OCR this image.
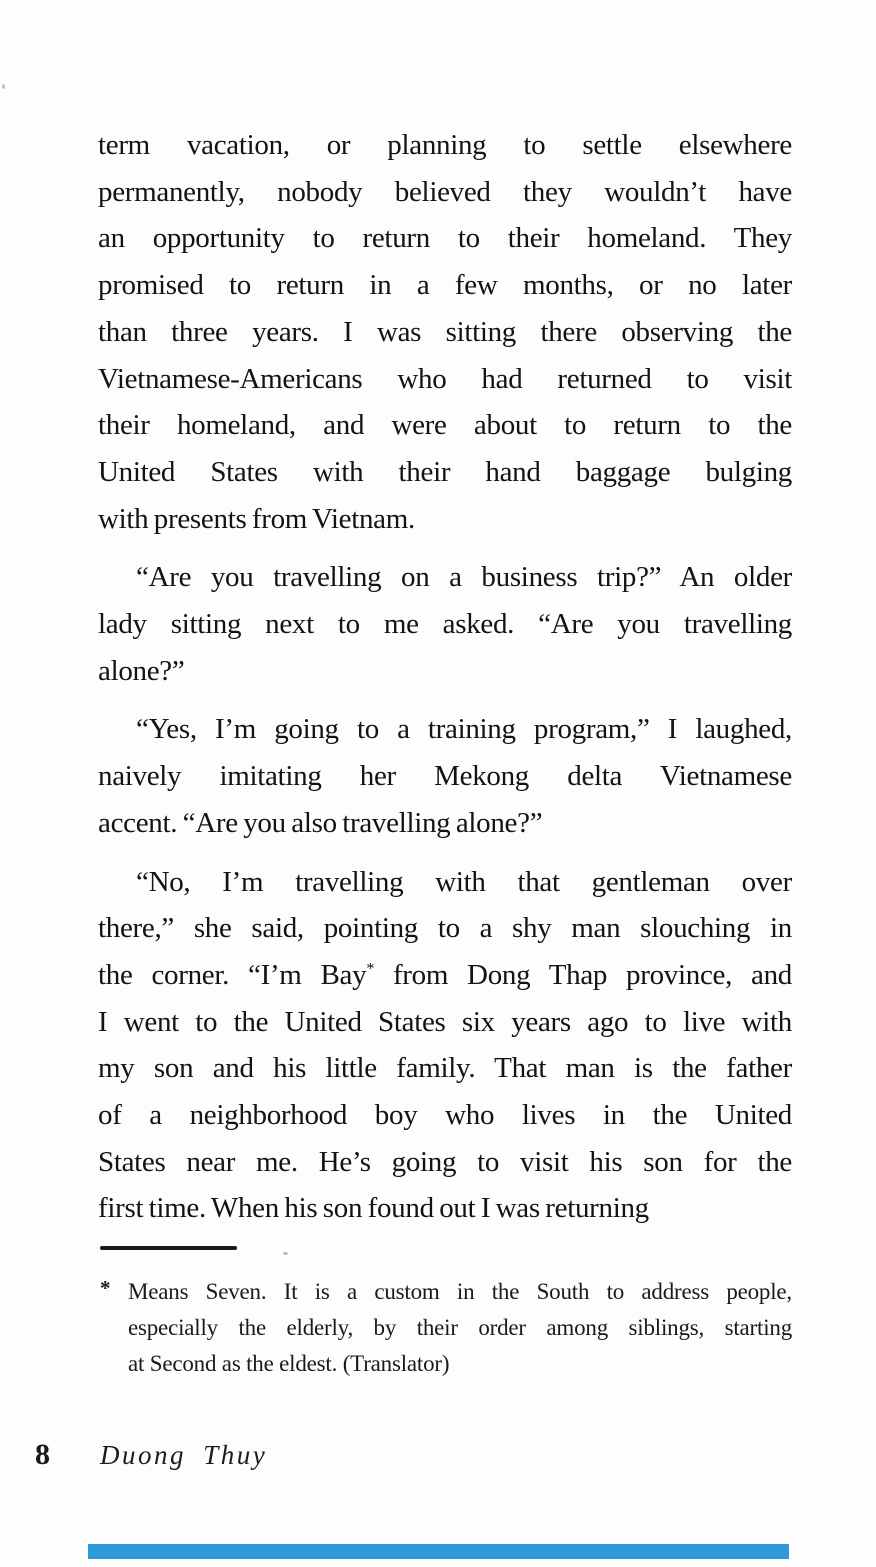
term vacation, or planning to settle elsewhere
permanently, nobody believed they wouldn’t have
an opportunity to return to their homeland. They
promised to return in a few months, or no later
than three years. I was sitting there observing the
Vietnamese-Americans who had returned to visit
their homeland, and were about to return to the
United States with their hand baggage bulging
with presents from Vietnam.
“Are you travelling on a business trip?” An older
lady sitting next to me asked. “Are you travelling
alone?”
“Yes, I’m going to a training program,” I laughed,
naively imitating her Mekong delta Vietnamese
accent. “Are you also travelling alone?”
“No, I’m travelling with that gentleman over
there,” she said, pointing to a shy man slouching in
the corner. “I’m Bay* from Dong Thap province, and
I went to the United States six years ago to live with
my son and his little family. That man is the father
of a neighborhood boy who lives in the United
States near me. He’s going to visit his son for the
first time. When his son found out I was returning
* Means Seven. It is a custom in the South to address people,
especially the elderly, by their order among siblings, starting
at Second as the eldest. (Translator)
8 Duong Thuy
